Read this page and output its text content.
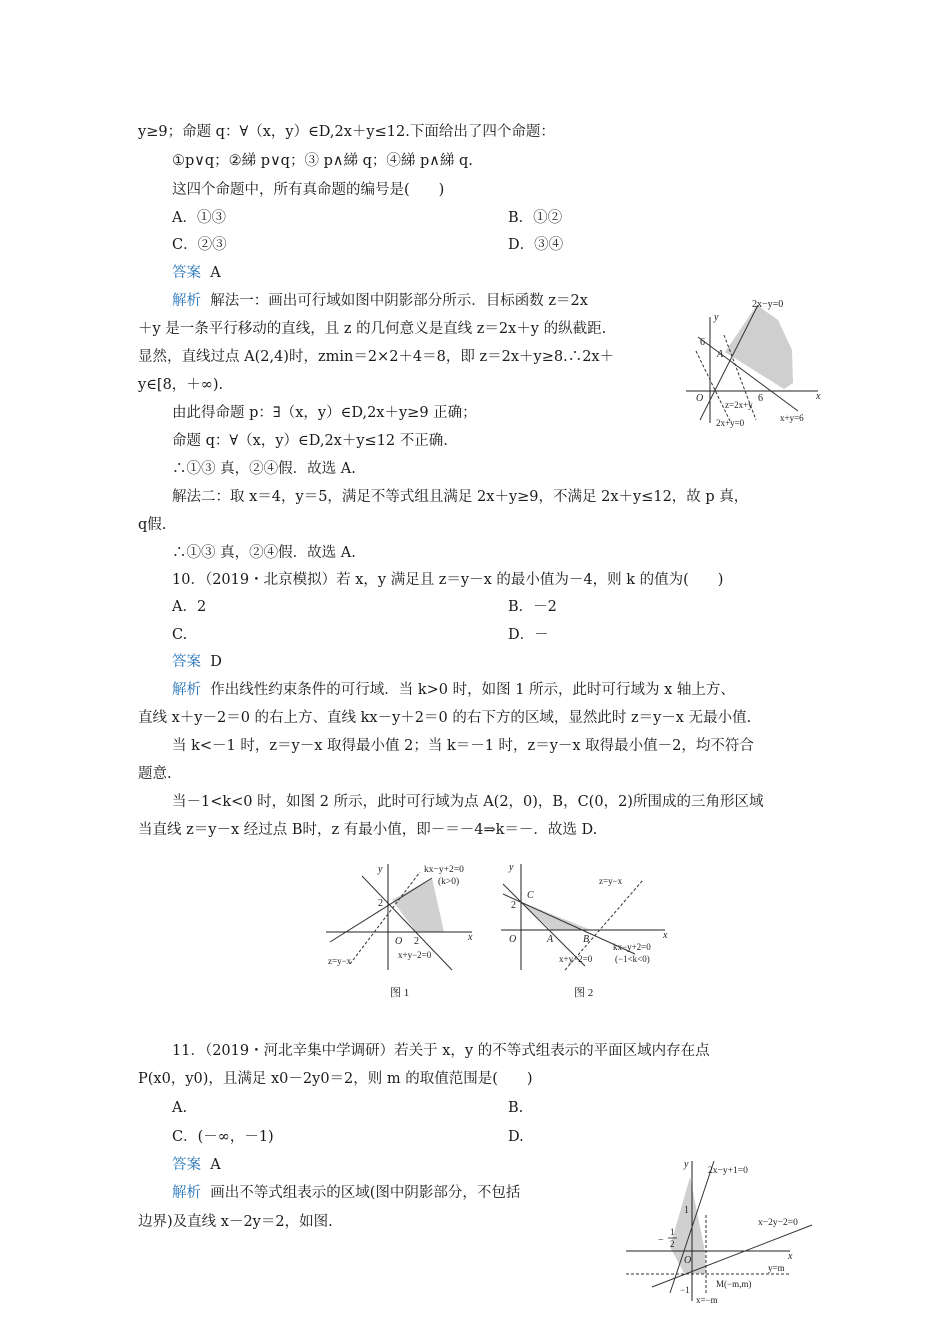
y≥9；命题 q：∀（x，y）∈D,2x＋y≤12.下面给出了四个命题：
①p∨q；②綈 p∨q；③ p∧綈 q；④綈 p∧綈 q.
这四个命题中，所有真命题的编号是(　　)
A．①③	B．①②
C．②③	D．③④
答案 A
解析 解法一：画出可行域如图中阴影部分所示．目标函数 z＝2x
＋y 是一条平行移动的直线，且 z 的几何意义是直线 z＝2x＋y 的纵截距.
显然，直线过点 A(2,4)时，zmin＝2×2＋4＝8，即 z＝2x＋y≥8.∴2x＋
y∈[8，＋∞).
由此得命题 p：∃（x，y）∈D,2x＋y≥9 正确；
命题 q：∀（x，y）∈D,2x＋y≤12 不正确.
∴①③ 真，②④假．故选 A.
解法二：取 x＝4，y＝5，满足不等式组且满足 2x＋y≥9，不满足 2x＋y≤12，故 p 真，
q假.
∴①③ 真，②④假．故选 A.
2x−y=0
y
6
A
O	6	x
z=2x+y
2x+y=0	x+y=6
10．（2019・北京模拟）若 x，y 满足且 z＝y－x 的最小值为－4，则 k 的值为(　　)
A．2	B．－2
C.	D．－
答案 D
解析 作出线性约束条件的可行域．当 k>0 时，如图 1 所示，此时可行域为 x 轴上方、
直线 x＋y－2＝0 的右上方、直线 kx－y＋2＝0 的右下方的区域，显然此时 z＝y－x 无最小值.
当 k<－1 时，z＝y－x 取得最小值 2；当 k＝－1 时，z＝y－x 取得最小值－2，均不符合
题意.
当－1<k<0 时，如图 2 所示，此时可行域为点 A(2，0)，B，C(0，2)所围成的三角形区域
当直线 z＝y－x 经过点 B时，z 有最小值，即－＝－4⇒k＝－．故选 D.
kx−y+2=0
(k>0)
y
2
O 2	x
z=y−x
x+y−2=0
图 1
y
C
2
z=y−x
O	A	B	x
kx−y+2=0
x+y−2=0	(−1<k<0)
图 2
11．（2019・河北辛集中学调研）若关于 x，y 的不等式组表示的平面区域内存在点
P(x0，y0)，且满足 x0－2y0＝2，则 m 的取值范围是(　　)
A.	B.
C．(－∞，－1)	D.
答案 A
解析 画出不等式组表示的区域(图中阴影部分，不包括
边界)及直线 x－2y＝2，如图.
y
2x−y+1=0
1
−
1
2
x−2y−2=0
O	x
y=m
M(−m,m)
−1
x=−m
